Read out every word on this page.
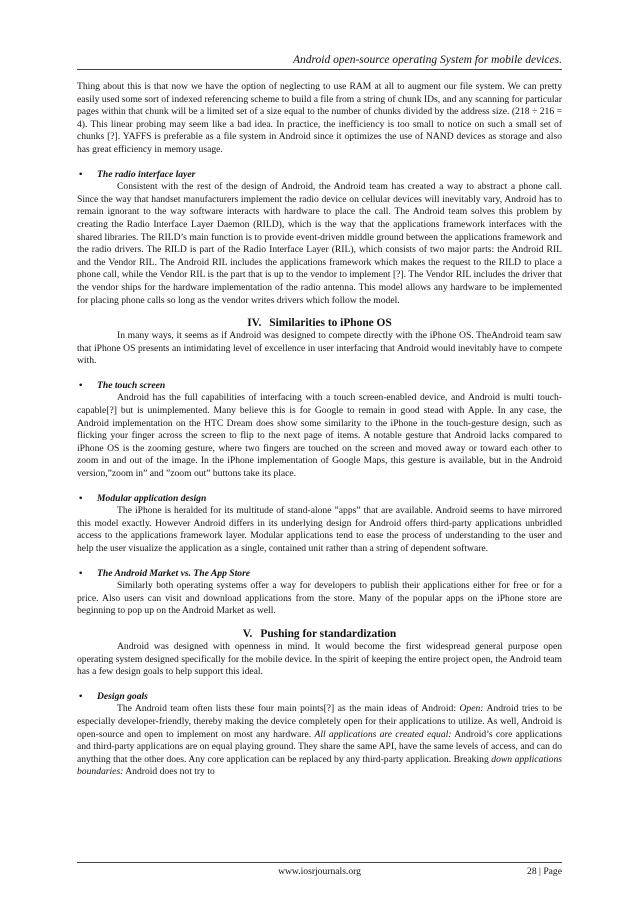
Android open-source operating System for mobile devices.

Thing about this is that now we have the option of neglecting to use RAM at all to augment our file system. We can pretty easily used some sort of indexed referencing scheme to build a file from a string of chunk IDs, and any scanning for particular pages within that chunk will be a limited set of a size equal to the number of chunks divided by the address size. (218 ÷ 216 = 4). This linear probing may seem like a bad idea. In practice, the inefficiency is too small to notice on such a small set of chunks [?]. YAFFS is preferable as a file system in Android since it optimizes the use of NAND devices as storage and also has great efficiency in memory usage.

• The radio interface layer

Consistent with the rest of the design of Android, the Android team has created a way to abstract a phone call. Since the way that handset manufacturers implement the radio device on cellular devices will inevitably vary, Android has to remain ignorant to the way software interacts with hardware to place the call. The Android team solves this problem by creating the Radio Interface Layer Daemon (RILD), which is the way that the applications framework interfaces with the shared libraries. The RILD’s main function is to provide event-driven middle ground between the applications framework and the radio drivers. The RILD is part of the Radio Interface Layer (RIL), which consists of two major parts: the Android RIL and the Vendor RIL. The Android RIL includes the applications framework which makes the request to the RILD to place a phone call, while the Vendor RIL is the part that is up to the vendor to implement [?]. The Vendor RIL includes the driver that the vendor ships for the hardware implementation of the radio antenna. This model allows any hardware to be implemented for placing phone calls so long as the vendor writes drivers which follow the model.

IV. Similarities to iPhone OS

In many ways, it seems as if Android was designed to compete directly with the iPhone OS. TheAndroid team saw that iPhone OS presents an intimidating level of excellence in user interfacing that Android would inevitably have to compete with.

• The touch screen

Android has the full capabilities of interfacing with a touch screen-enabled device, and Android is multi touch-capable[?] but is unimplemented. Many believe this is for Google to remain in good stead with Apple. In any case, the Android implementation on the HTC Dream does show some similarity to the iPhone in the touch-gesture design, such as flicking your finger across the screen to flip to the next page of items. A notable gesture that Android lacks compared to iPhone OS is the zooming gesture, where two fingers are touched on the screen and moved away or toward each other to zoom in and out of the image. In the iPhone implementation of Google Maps, this gesture is available, but in the Android version,”zoom in” and ”zoom out” buttons take its place.

• Modular application design

The iPhone is heralded for its multitude of stand-alone ”apps” that are available. Android seems to have mirrored this model exactly. However Android differs in its underlying design for Android offers third-party applications unbridled access to the applications framework layer. Modular applications tend to ease the process of understanding to the user and help the user visualize the application as a single, contained unit rather than a string of dependent software.

• The Android Market vs. The App Store

Similarly both operating systems offer a way for developers to publish their applications either for free or for a price. Also users can visit and download applications from the store. Many of the popular apps on the iPhone store are beginning to pop up on the Android Market as well.

V. Pushing for standardization

Android was designed with openness in mind. It would become the first widespread general purpose open operating system designed specifically for the mobile device. In the spirit of keeping the entire project open, the Android team has a few design goals to help support this ideal.

• Design goals

The Android team often lists these four main points[?] as the main ideas of Android: Open: Android tries to be especially developer-friendly, thereby making the device completely open for their applications to utilize. As well, Android is open-source and open to implement on most any hardware. All applications are created equal: Android’s core applications and third-party applications are on equal playing ground. They share the same API, have the same levels of access, and can do anything that the other does. Any core application can be replaced by any third-party application. Breaking down applications boundaries: Android does not try to

www.iosrjournals.org	28 | Page
